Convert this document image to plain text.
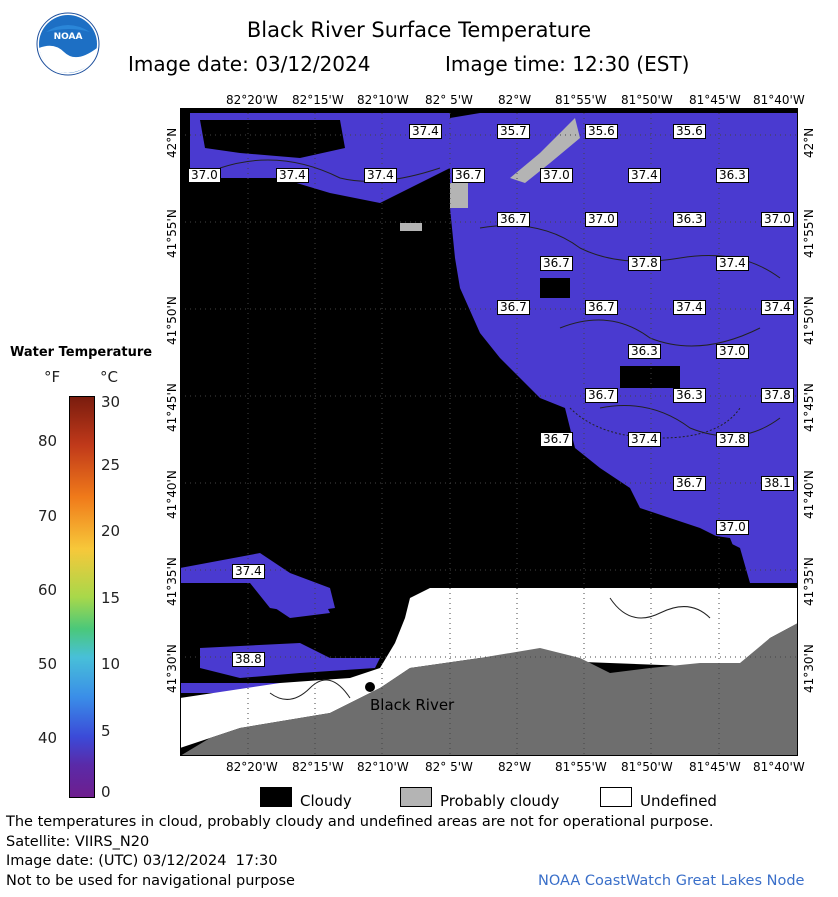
NOAA	Black River Surface Temperature
Image date: 03/12/2024	Image time: 12:30 (EST)
Black River
37.4	35.7	35.6	35.6
37.0	37.4	37.4	36.7	37.0	37.4	36.3
36.7	37.0	36.3	37.0
36.7	37.8	37.4
36.7	36.7	37.4	37.4
36.3	37.0
36.7	36.3	37.8
36.7	37.4	37.8
36.7	38.1
37.0
37.4
38.8
82°20'W 82°15'W 82°10'W 82° 5'W 82°W 81°55'W 81°50'W 81°45'W 81°40'W
82°20'W 82°15'W 82°10'W 82° 5'W 82°W 81°55'W 81°50'W 81°45'W 81°40'W
42°N
41°55'N
41°50'N
41°45'N
41°40'N
41°35'N
41°30'N
42°N
41°55'N
41°50'N
41°45'N
41°40'N
41°35'N
41°30'N
Water Temperature
°F	°C
80
70
60
50
40
30
25
20
15
10
5
0	Cloudy	Probably cloudy	Undefined
The temperatures in cloud, probably cloudy and undefined areas are not for operational purpose.
Satellite: VIIRS_N20
Image date: (UTC) 03/12/2024  17:30
Not to be used for navigational purpose	NOAA CoastWatch Great Lakes Node
